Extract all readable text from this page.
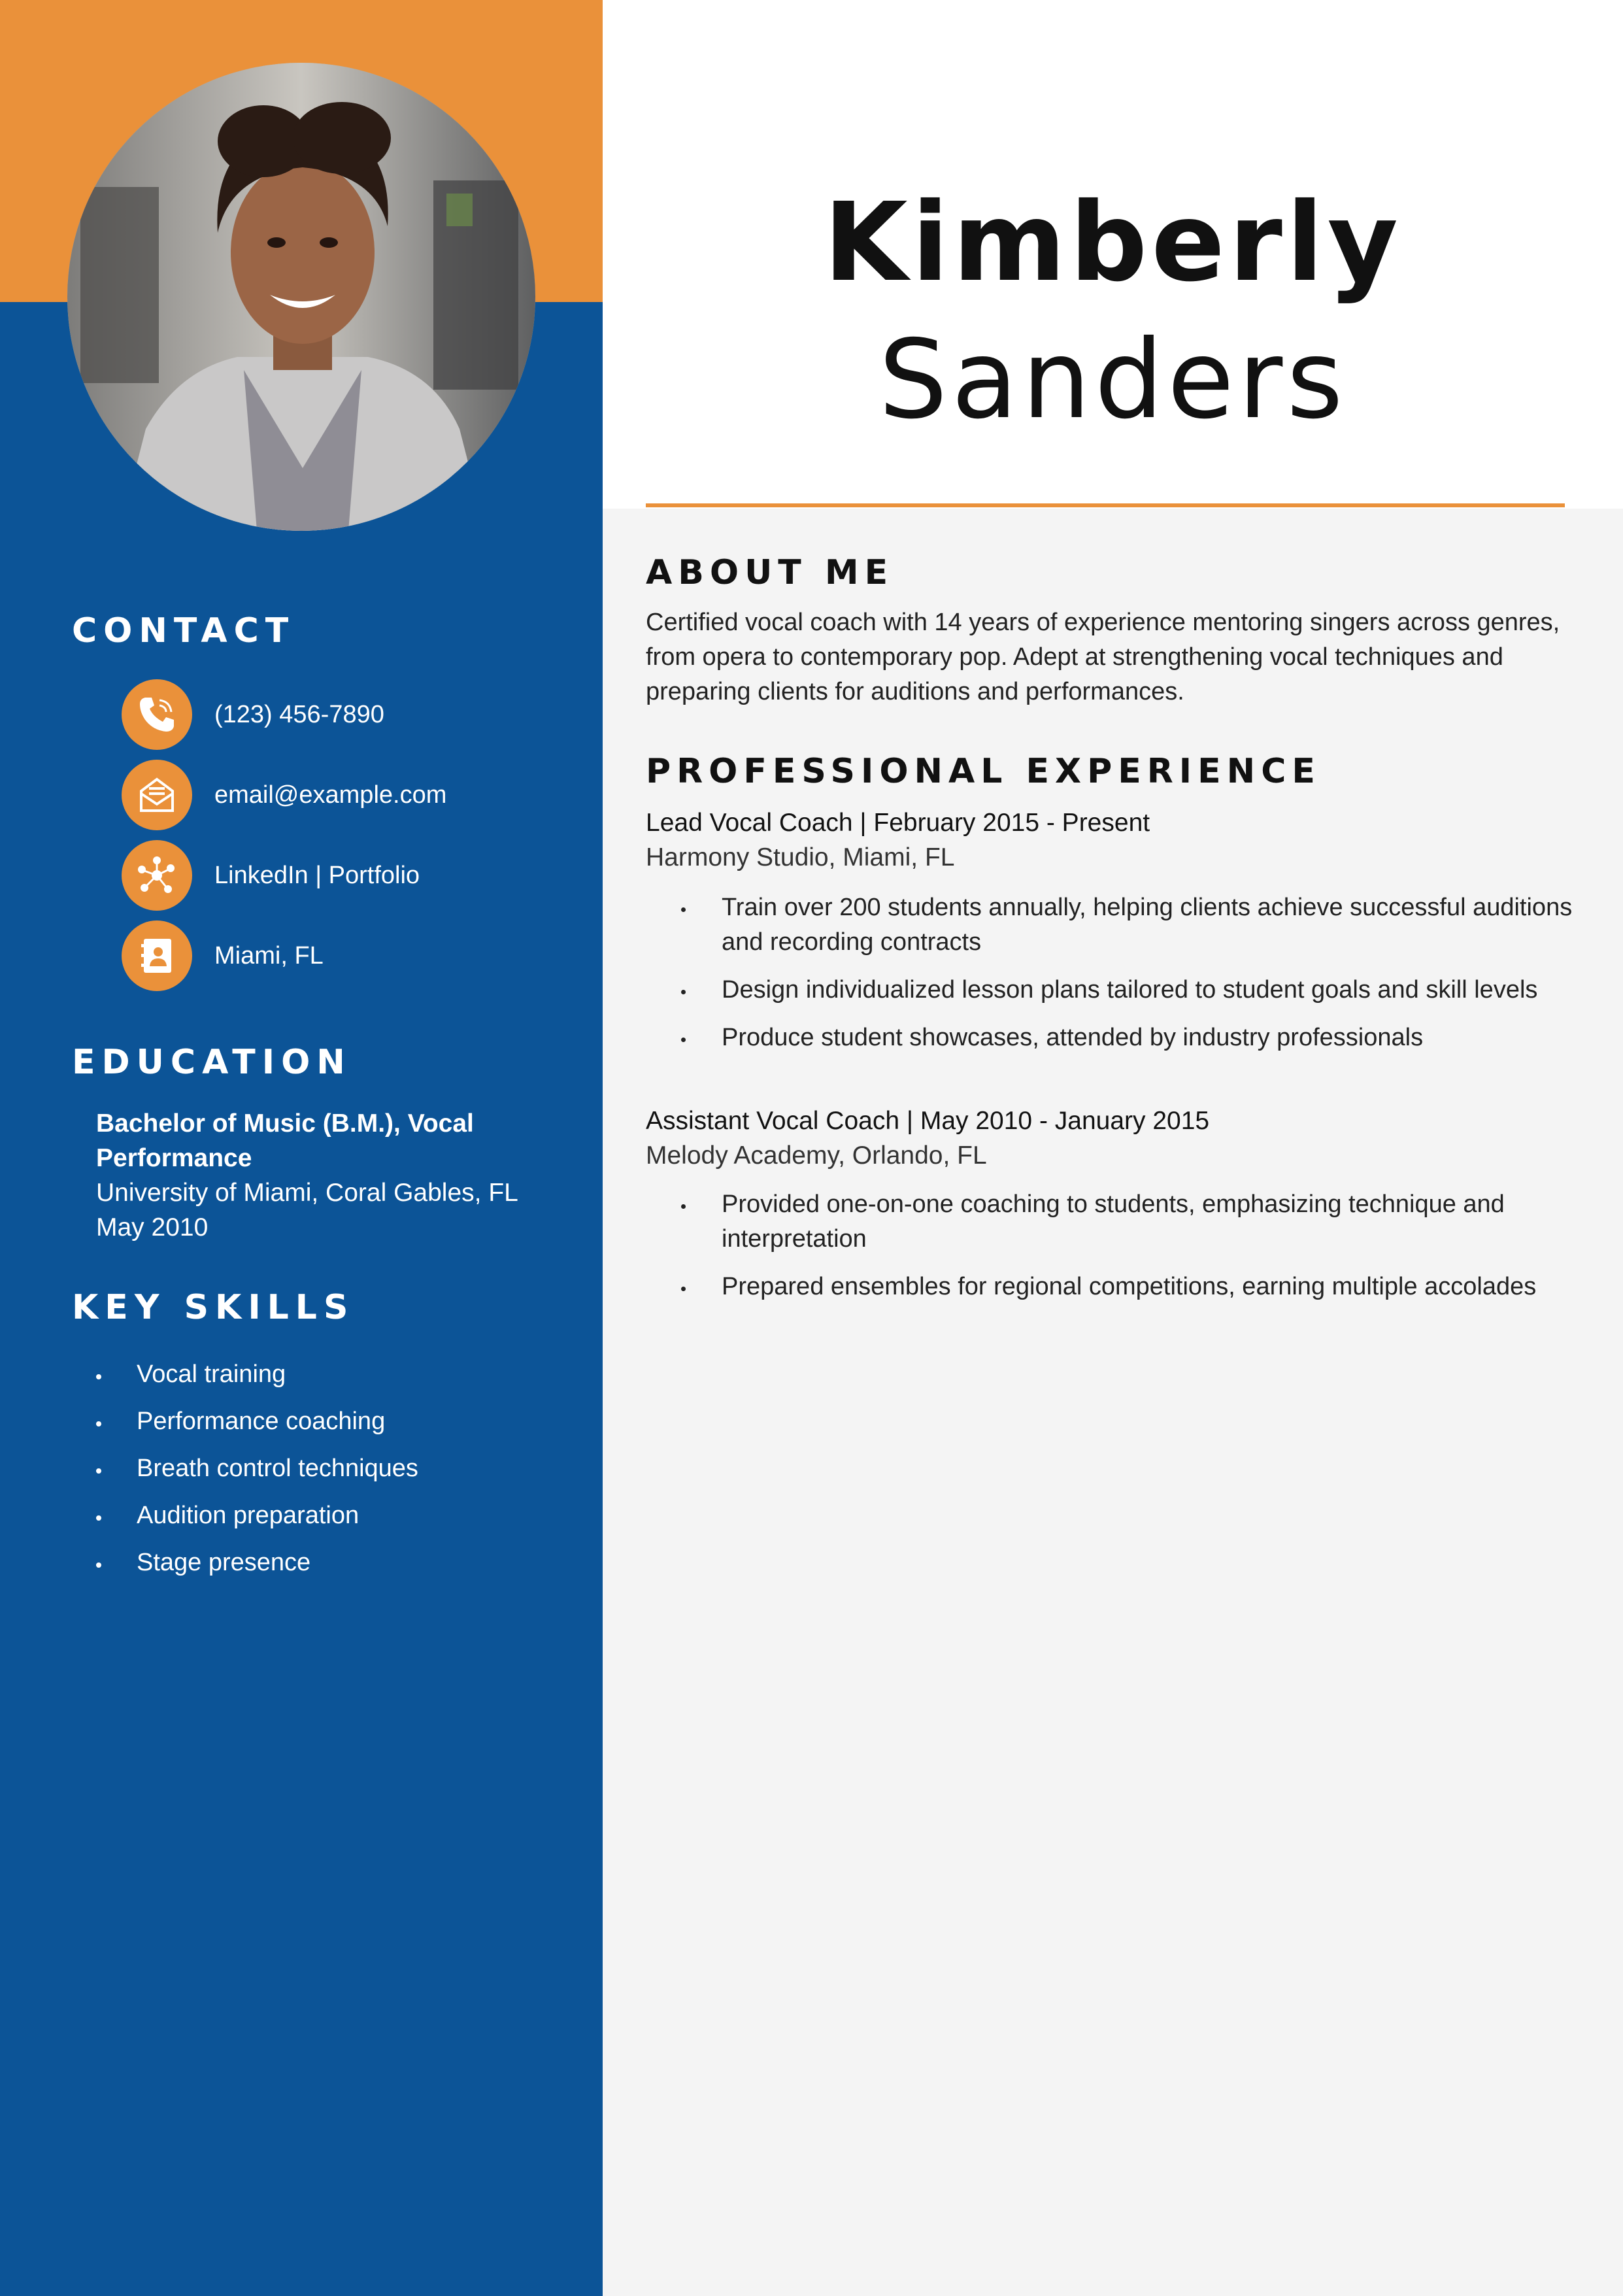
CONTACT
(123) 456-7890
email@example.com
LinkedIn | Portfolio
Miami, FL
EDUCATION
Bachelor of Music (B.M.), Vocal Performance
University of Miami, Coral Gables, FL
May 2010
KEY SKILLS
Vocal training
Performance coaching
Breath control techniques
Audition preparation
Stage presence
Kimberly
Sanders
ABOUT ME
Certified vocal coach with 14 years of experience mentoring singers across genres, from opera to contemporary pop. Adept at strengthening vocal techniques and preparing clients for auditions and performances.
PROFESSIONAL EXPERIENCE
Lead Vocal Coach | February 2015 - Present
Harmony Studio, Miami, FL
Train over 200 students annually, helping clients achieve successful auditions and recording contracts
Design individualized lesson plans tailored to student goals and skill levels
Produce student showcases, attended by industry professionals
Assistant Vocal Coach | May 2010 - January 2015
Melody Academy, Orlando, FL
Provided one-on-one coaching to students, emphasizing technique and interpretation
Prepared ensembles for regional competitions, earning multiple accolades
